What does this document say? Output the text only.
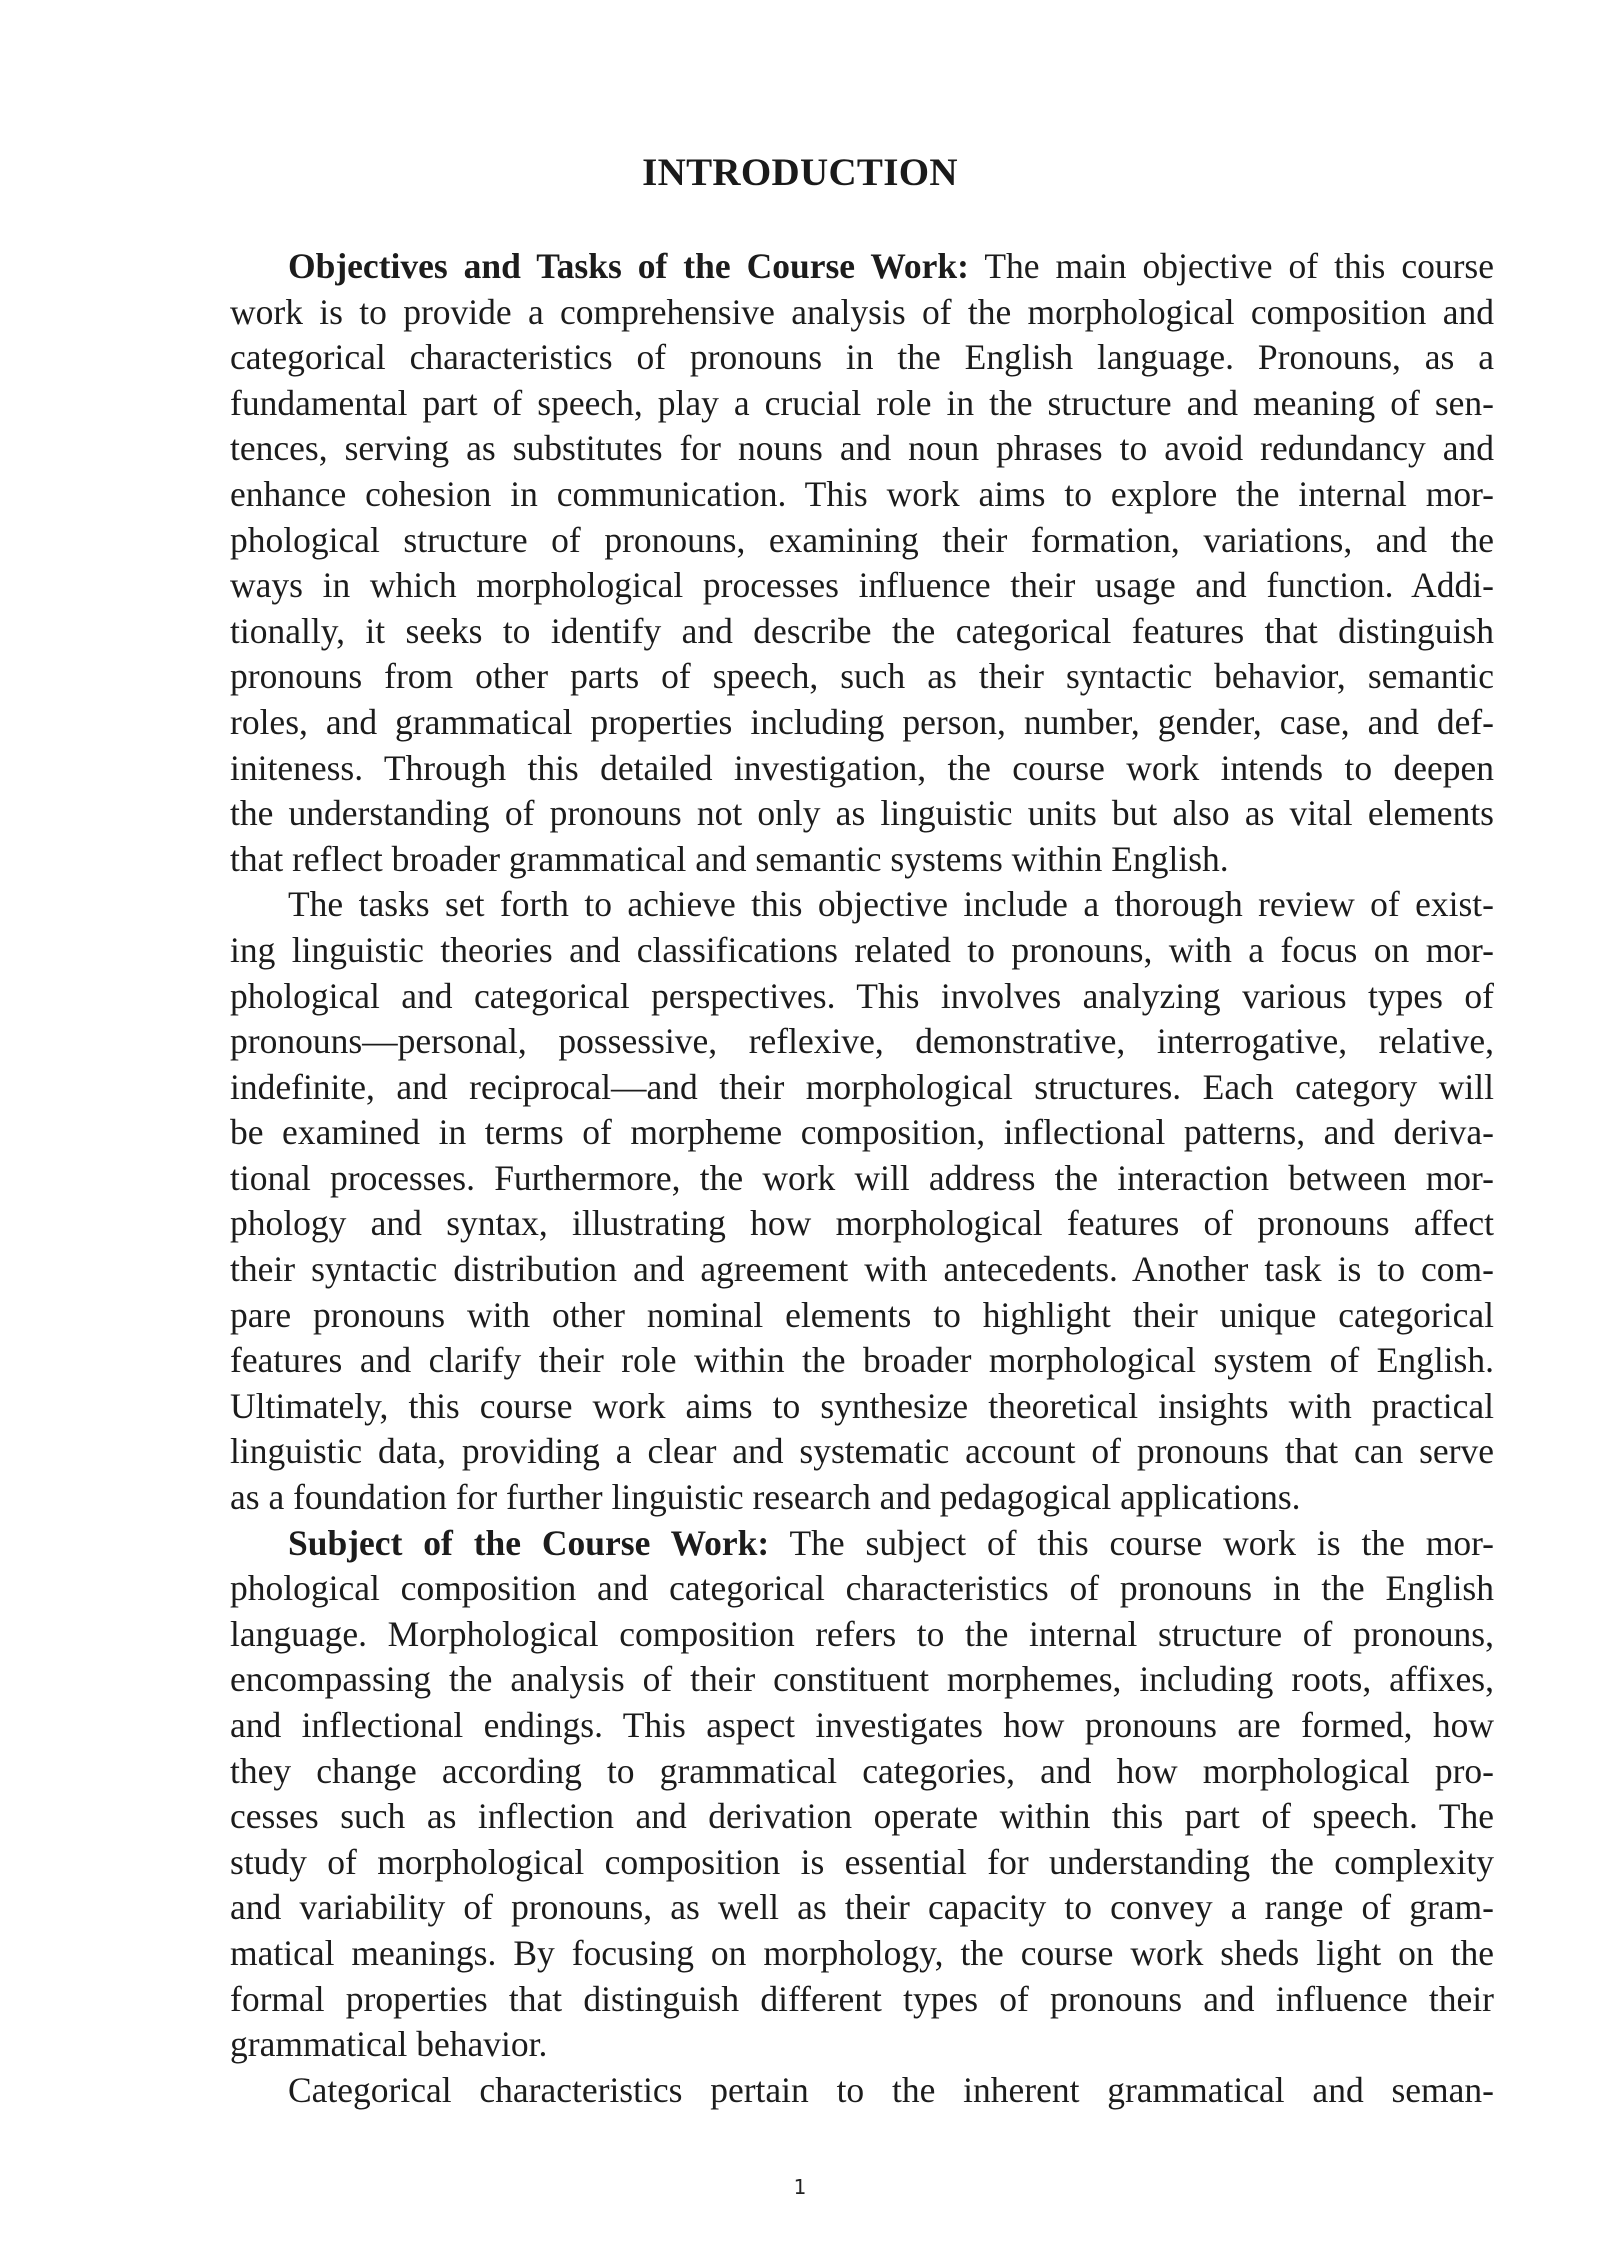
INTRODUCTION
Objectives and Tasks of the Course Work: The main objective of this course
work is to provide a comprehensive analysis of the morphological composition and
categorical characteristics of pronouns in the English language. Pronouns, as a
fundamental part of speech, play a crucial role in the structure and meaning of sen-
tences, serving as substitutes for nouns and noun phrases to avoid redundancy and
enhance cohesion in communication. This work aims to explore the internal mor-
phological structure of pronouns, examining their formation, variations, and the
ways in which morphological processes influence their usage and function. Addi-
tionally, it seeks to identify and describe the categorical features that distinguish
pronouns from other parts of speech, such as their syntactic behavior, semantic
roles, and grammatical properties including person, number, gender, case, and def-
initeness. Through this detailed investigation, the course work intends to deepen
the understanding of pronouns not only as linguistic units but also as vital elements
that reflect broader grammatical and semantic systems within English.
The tasks set forth to achieve this objective include a thorough review of exist-
ing linguistic theories and classifications related to pronouns, with a focus on mor-
phological and categorical perspectives. This involves analyzing various types of
pronouns—personal, possessive, reflexive, demonstrative, interrogative, relative,
indefinite, and reciprocal—and their morphological structures. Each category will
be examined in terms of morpheme composition, inflectional patterns, and deriva-
tional processes. Furthermore, the work will address the interaction between mor-
phology and syntax, illustrating how morphological features of pronouns affect
their syntactic distribution and agreement with antecedents. Another task is to com-
pare pronouns with other nominal elements to highlight their unique categorical
features and clarify their role within the broader morphological system of English.
Ultimately, this course work aims to synthesize theoretical insights with practical
linguistic data, providing a clear and systematic account of pronouns that can serve
as a foundation for further linguistic research and pedagogical applications.
Subject of the Course Work: The subject of this course work is the mor-
phological composition and categorical characteristics of pronouns in the English
language. Morphological composition refers to the internal structure of pronouns,
encompassing the analysis of their constituent morphemes, including roots, affixes,
and inflectional endings. This aspect investigates how pronouns are formed, how
they change according to grammatical categories, and how morphological pro-
cesses such as inflection and derivation operate within this part of speech. The
study of morphological composition is essential for understanding the complexity
and variability of pronouns, as well as their capacity to convey a range of gram-
matical meanings. By focusing on morphology, the course work sheds light on the
formal properties that distinguish different types of pronouns and influence their
grammatical behavior.
Categorical characteristics pertain to the inherent grammatical and seman-
1
